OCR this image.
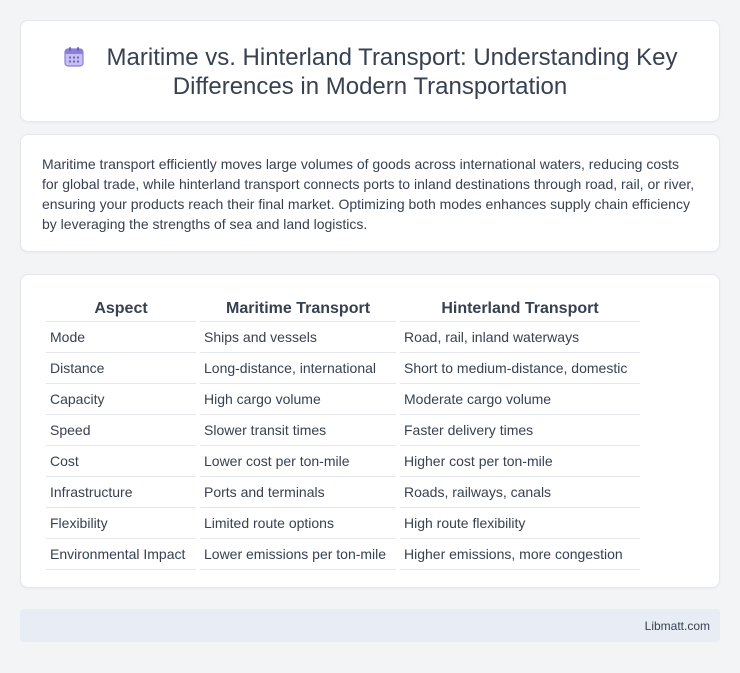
Maritime vs. Hinterland Transport: Understanding Key
Differences in Modern Transportation

Maritime transport efficiently moves large volumes of goods across international waters, reducing costs for global trade, while hinterland transport connects ports to inland destinations through road, rail, or river, ensuring your products reach their final market. Optimizing both modes enhances supply chain efficiency by leveraging the strengths of sea and land logistics.

Aspect	Maritime Transport	Hinterland Transport
Mode	Ships and vessels	Road, rail, inland waterways
Distance	Long-distance, international	Short to medium-distance, domestic
Capacity	High cargo volume	Moderate cargo volume
Speed	Slower transit times	Faster delivery times
Cost	Lower cost per ton-mile	Higher cost per ton-mile
Infrastructure	Ports and terminals	Roads, railways, canals
Flexibility	Limited route options	High route flexibility
Environmental Impact	Lower emissions per ton-mile	Higher emissions, more congestion
Libmatt.com
